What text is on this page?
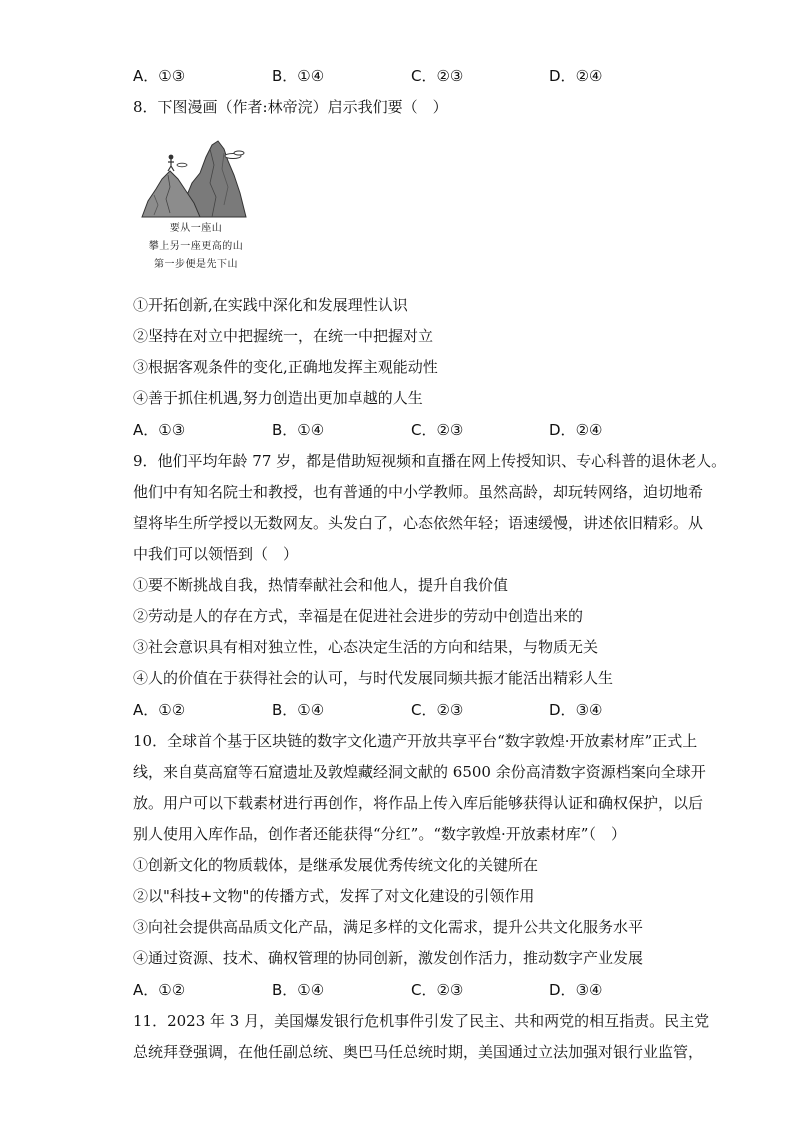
A．①③	B．①④	C．②③	D．②④
8．下图漫画（作者:林帝浣）启示我们要（　）
要从一座山
攀上另一座更高的山
第一步便是先下山
①开拓创新,在实践中深化和发展理性认识
②坚持在对立中把握统一，在统一中把握对立
③根据客观条件的变化,正确地发挥主观能动性
④善于抓住机遇,努力创造出更加卓越的人生
A．①③	B．①④	C．②③	D．②④
9．他们平均年龄 77 岁，都是借助短视频和直播在网上传授知识、专心科普的退休老人。
他们中有知名院士和教授，也有普通的中小学教师。虽然高龄，却玩转网络，迫切地希
望将毕生所学授以无数网友。头发白了，心态依然年轻；语速缓慢，讲述依旧精彩。从
中我们可以领悟到（　）
①要不断挑战自我，热情奉献社会和他人，提升自我价值
②劳动是人的存在方式，幸福是在促进社会进步的劳动中创造出来的
③社会意识具有相对独立性，心态决定生活的方向和结果，与物质无关
④人的价值在于获得社会的认可，与时代发展同频共振才能活出精彩人生
A．①②	B．①④	C．②③	D．③④
10．全球首个基于区块链的数字文化遗产开放共享平台“数字敦煌·开放素材库”正式上
线，来自莫高窟等石窟遗址及敦煌藏经洞文献的 6500 余份高清数字资源档案向全球开
放。用户可以下载素材进行再创作，将作品上传入库后能够获得认证和确权保护，以后
别人使用入库作品，创作者还能获得“分红”。“数字敦煌·开放素材库”（　）
①创新文化的物质载体，是继承发展优秀传统文化的关键所在
②以"科技+文物"的传播方式，发挥了对文化建设的引领作用
③向社会提供高品质文化产品，满足多样的文化需求，提升公共文化服务水平
④通过资源、技术、确权管理的协同创新，激发创作活力，推动数字产业发展
A．①②	B．①④	C．②③	D．③④
11．2023 年 3 月，美国爆发银行危机事件引发了民主、共和两党的相互指责。民主党
总统拜登强调，在他任副总统、奥巴马任总统时期，美国通过立法加强对银行业监管，
